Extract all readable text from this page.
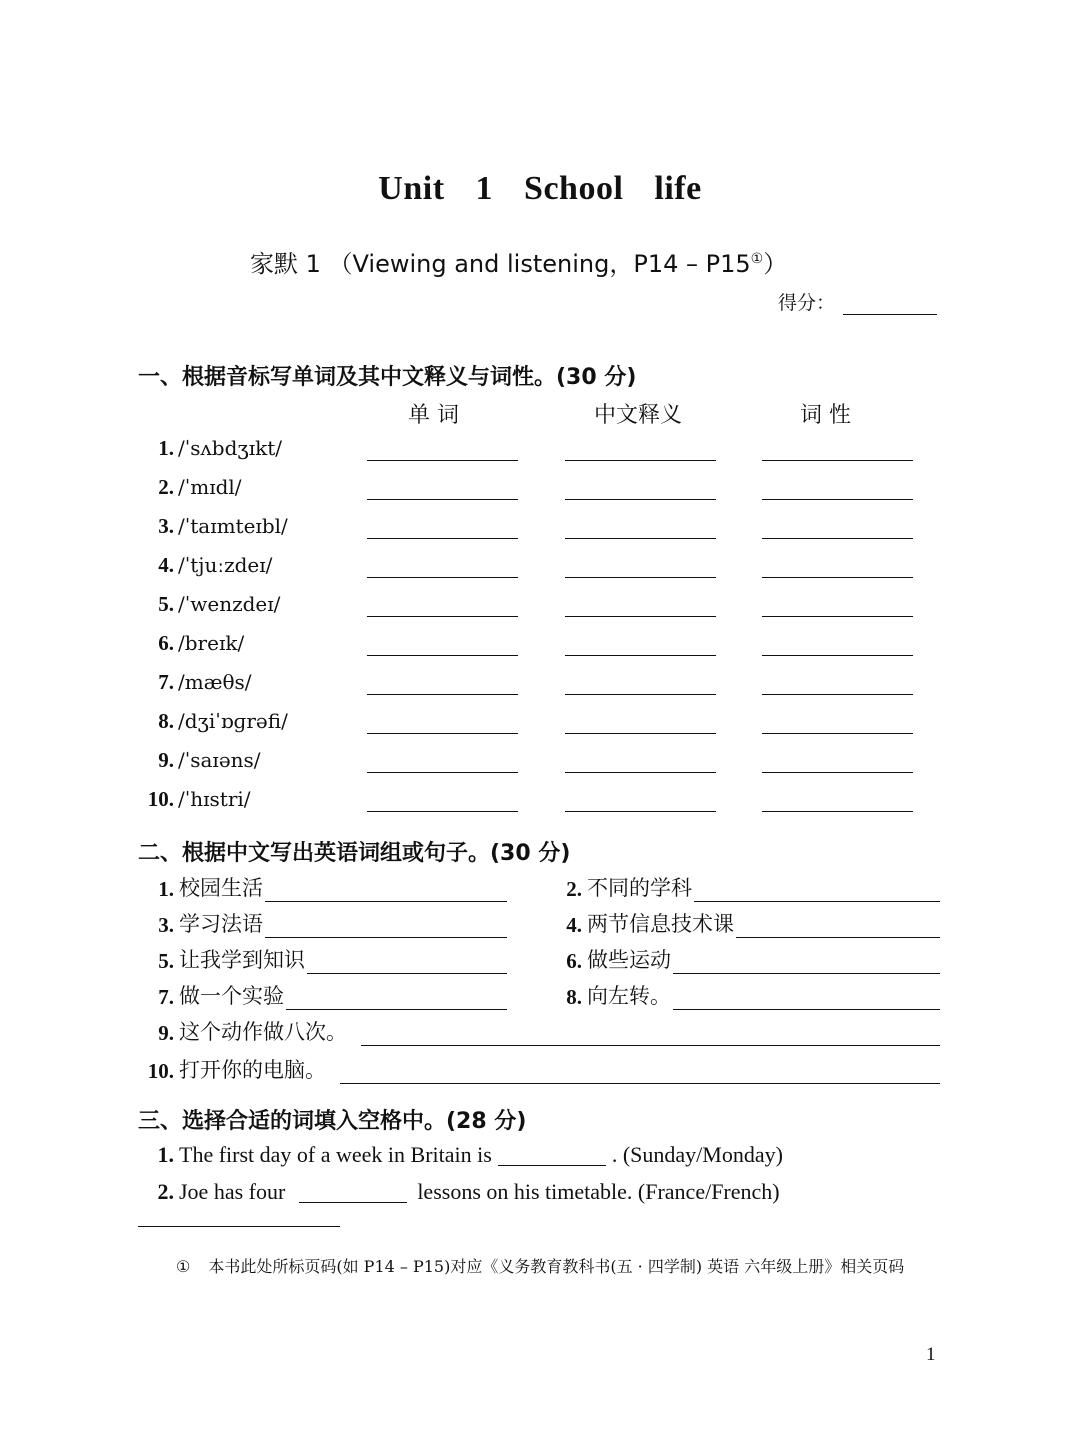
Unit 1 School life
家默 1 （Viewing and listening，P14 – P15①）
得分：
一、根据音标写单词及其中文释义与词性。(30 分)
单 词	中文释义	词 性
1. /ˈsʌbdʒɪkt/
2. /ˈmɪdl/
3. /ˈtaɪmteɪbl/
4. /ˈtjuːzdeɪ/
5. /ˈwenzdeɪ/
6. /breɪk/
7. /mæθs/
8. /dʒiˈɒɡrəfi/
9. /ˈsaɪəns/
10. /ˈhɪstri/
二、根据中文写出英语词组或句子。(30 分)
1. 校园生活	2. 不同的学科
3. 学习法语	4. 两节信息技术课
5. 让我学到知识	6. 做些运动
7. 做一个实验	8. 向左转。
9. 这个动作做八次。
10. 打开你的电脑。
三、选择合适的词填入空格中。(28 分)
1. The first day of a week in Britain is	. (Sunday/Monday)
2. Joe has four	lessons on his timetable. (France/French)
① 本书此处所标页码(如 P14 – P15)对应《义务教育教科书(五 · 四学制) 英语 六年级上册》相关页码
1
